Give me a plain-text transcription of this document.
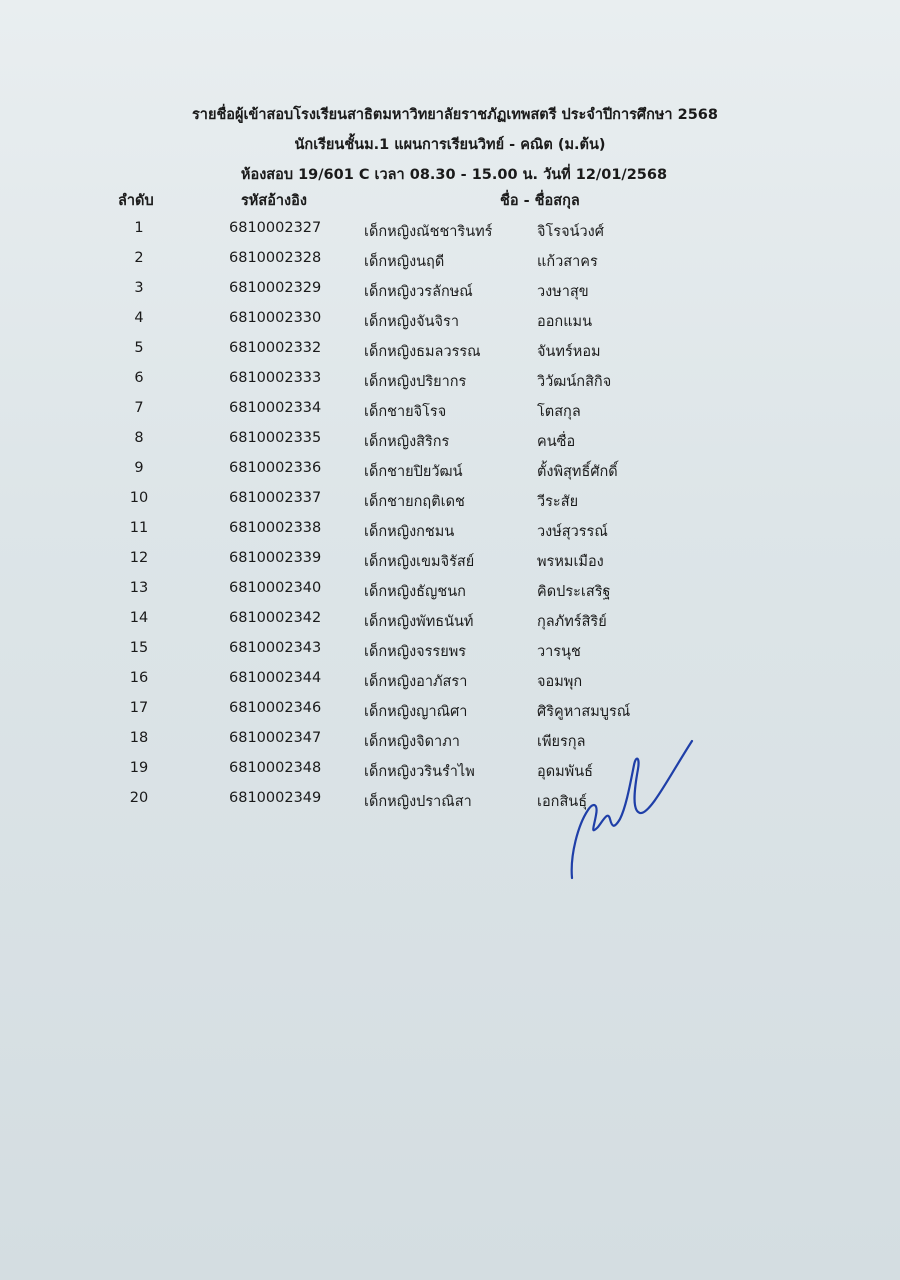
รายชื่อผู้เข้าสอบโรงเรียนสาธิตมหาวิทยาลัยราชภัฏเทพสตรี ประจำปีการศึกษา 2568
นักเรียนชั้นม.1 แผนการเรียนวิทย์ - คณิต (ม.ต้น)
ห้องสอบ 19/601 C เวลา 08.30 - 15.00 น. วันที่ 12/01/2568
ลำดับ	รหัสอ้างอิง	ชื่อ - ชื่อสกุล
1	6810002327	เด็กหญิงณัชชารินทร์	จิโรจน์วงศ์
2	6810002328	เด็กหญิงนฤดี	แก้วสาคร
3	6810002329	เด็กหญิงวรลักษณ์	วงษาสุข
4	6810002330	เด็กหญิงจันจิรา	ออกแมน
5	6810002332	เด็กหญิงธมลวรรณ	จันทร์หอม
6	6810002333	เด็กหญิงปริยากร	วิวัฒน์กสิกิจ
7	6810002334	เด็กชายจิโรจ	โตสกุล
8	6810002335	เด็กหญิงสิริกร	คนซื่อ
9	6810002336	เด็กชายปิยวัฒน์	ตั้งพิสุทธิ์ศักดิ์
10	6810002337	เด็กชายกฤติเดช	วีระสัย
11	6810002338	เด็กหญิงกชมน	วงษ์สุวรรณ์
12	6810002339	เด็กหญิงเขมจิรัสย์	พรหมเมือง
13	6810002340	เด็กหญิงธัญชนก	คิดประเสริฐ
14	6810002342	เด็กหญิงพัทธนันท์	กุลภัทร์สิริย์
15	6810002343	เด็กหญิงจรรยพร	วารนุช
16	6810002344	เด็กหญิงอาภัสรา	จอมพุก
17	6810002346	เด็กหญิงญาณิศา	ศิริคูหาสมบูรณ์
18	6810002347	เด็กหญิงจิดาภา	เพียรกุล
19	6810002348	เด็กหญิงวรินรำไพ	อุดมพันธ์
20	6810002349	เด็กหญิงปราณิสา	เอกสินธุ์
